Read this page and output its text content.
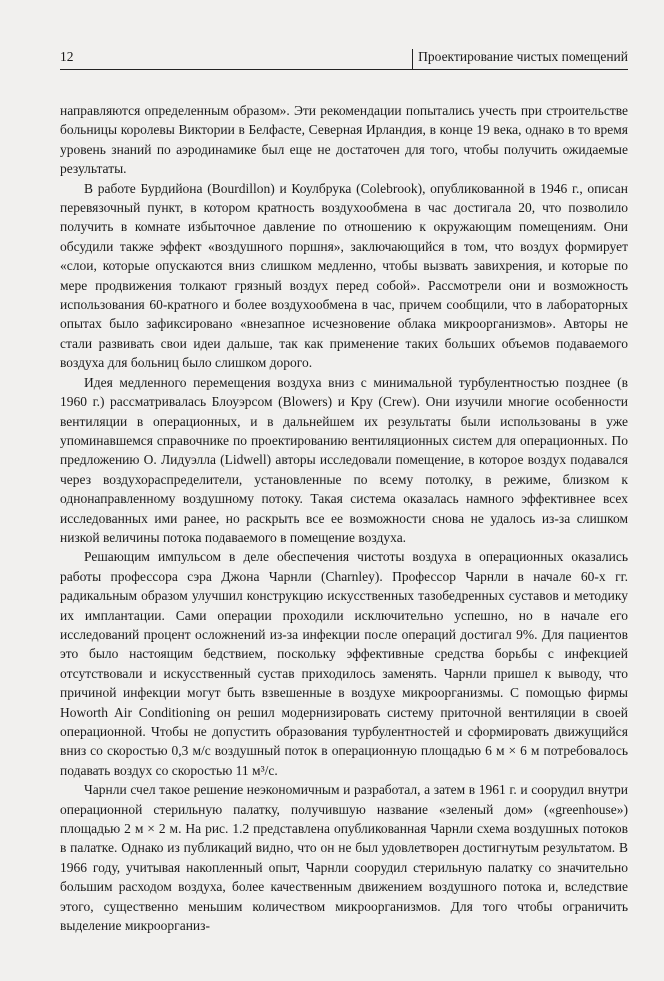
12	Проектирование чистых помещений

направляются определенным образом». Эти рекомендации попытались учесть при строительстве больницы королевы Виктории в Белфасте, Северная Ирландия, в конце 19 века, однако в то время уровень знаний по аэродинамике был еще не достаточен для того, чтобы получить ожидаемые результаты.

В работе Бурдийона (Bourdillon) и Коулбрука (Colebrook), опубликованной в 1946 г., описан перевязочный пункт, в котором кратность воздухообмена в час достигала 20, что позволило получить в комнате избыточное давление по отношению к окружающим помещениям. Они обсудили также эффект «воздушного поршня», заключающийся в том, что воздух формирует «слои, которые опускаются вниз слишком медленно, чтобы вызвать завихрения, и которые по мере продвижения толкают грязный воздух перед собой». Рассмотрели они и возможность использования 60-кратного и более воздухообмена в час, причем сообщили, что в лабораторных опытах было зафиксировано «внезапное исчезновение облака микроорганизмов». Авторы не стали развивать свои идеи дальше, так как применение таких больших объемов подаваемого воздуха для больниц было слишком дорого.

Идея медленного перемещения воздуха вниз с минимальной турбулентностью позднее (в 1960 г.) рассматривалась Блоуэрсом (Blowers) и Кру (Crew). Они изучили многие особенности вентиляции в операционных, и в дальнейшем их результаты были использованы в уже упоминавшемся справочнике по проектированию вентиляционных систем для операционных. По предложению О. Лидуэлла (Lidwell) авторы исследовали помещение, в которое воздух подавался через воздухораспределители, установленные по всему потолку, в режиме, близком к однонаправленному воздушному потоку. Такая система оказалась намного эффективнее всех исследованных ими ранее, но раскрыть все ее возможности снова не удалось из-за слишком низкой величины потока подаваемого в помещение воздуха.

Решающим импульсом в деле обеспечения чистоты воздуха в операционных оказались работы профессора сэра Джона Чарнли (Charnley). Профессор Чарнли в начале 60-х гг. радикальным образом улучшил конструкцию искусственных тазобедренных суставов и методику их имплантации. Сами операции проходили исключительно успешно, но в начале его исследований процент осложнений из-за инфекции после операций достигал 9%. Для пациентов это было настоящим бедствием, поскольку эффективные средства борьбы с инфекцией отсутствовали и искусственный сустав приходилось заменять. Чарнли пришел к выводу, что причиной инфекции могут быть взвешенные в воздухе микроорганизмы. С помощью фирмы Howorth Air Conditioning он решил модернизировать систему приточной вентиляции в своей операционной. Чтобы не допустить образования турбулентностей и сформировать движущийся вниз со скоростью 0,3 м/с воздушный поток в операционную площадью 6 м × 6 м потребовалось подавать воздух со скоростью 11 м³/с.

Чарнли счел такое решение неэкономичным и разработал, а затем в 1961 г. и соорудил внутри операционной стерильную палатку, получившую название «зеленый дом» («greenhouse») площадью 2 м × 2 м. На рис. 1.2 представлена опубликованная Чарнли схема воздушных потоков в палатке. Однако из публикаций видно, что он не был удовлетворен достигнутым результатом. В 1966 году, учитывая накопленный опыт, Чарнли соорудил стерильную палатку со значительно большим расходом воздуха, более качественным движением воздушного потока и, вследствие этого, существенно меньшим количеством микроорганизмов. Для того чтобы ограничить выделение микроорганиз-
